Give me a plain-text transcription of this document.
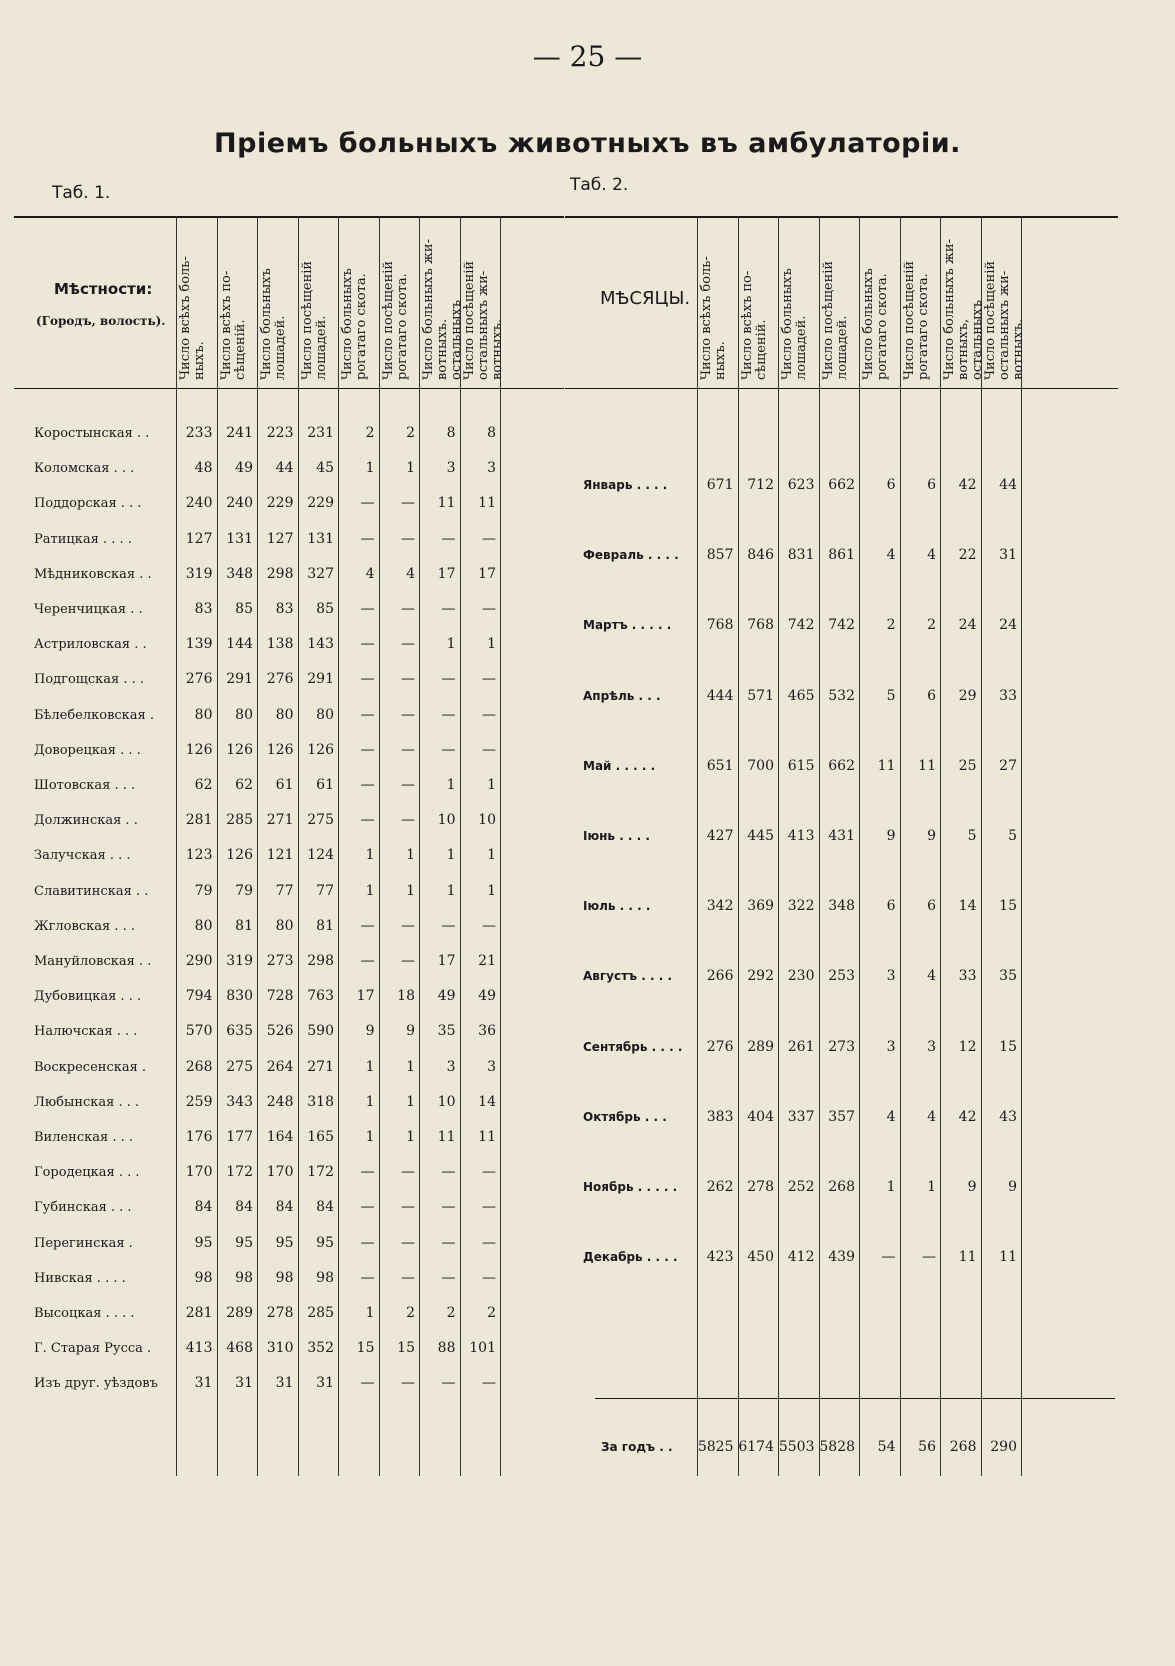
— 25 —
Пріемъ больныхъ животныхъ въ амбулаторіи.
Таб. 1.	Таб. 2.
Мѣстности:
(Городъ, волость).
Число всѣхъ боль-
ныхъ. Число всѣхъ по-
сѣщеній. Число больныхъ
лошадей. Число посѣщеній
лошадей. Число больныхъ
рогатаго скота.
Число посѣщеній
рогатаго скота.
Число больныхъ жи-
вотныхъ.
остальныхъ
Число посѣщеній
остальныхъ жи-
вотныхъ.
Коростынская . .	233 241 223 231	2	2	8	8
Коломская . . .	48	49	44	45	1	1	3	3
Поддорская . . .	240 240 229 229	—	—	11	11
Ратицкая . . . .	127 131 127 131	—	—	—	—
Мѣдниковская . .	319 348 298 327	4	4	17	17
Черенчицкая . .	83	85	83	85	—	—	—	—
Астриловская . .	139 144 138 143	—	—	1	1
Подгощская . . .	276 291 276 291	—	—	—	—
Бѣлебелковская .	80	80	80	80	—	—	—	—
Доворецкая . . .	126 126 126 126	—	—	—	—
Шотовская . . .	62	62	61	61	—	—	1	1
Должинская . .	281 285 271 275	—	—	10	10
Залучская . . .	123 126 121 124	1	1	1	1
Славитинская . .	79	79	77	77	1	1	1	1
Жгловская . . .	80	81	80	81	—	—	—	—
Мануйловская . .	290 319 273 298	—	—	17	21
Дубовицкая . . .	794 830 728 763	17	18	49	49
Налючская . . .	570 635 526 590	9	9	35	36
Воскресенская .	268 275 264 271	1	1	3	3
Любынская . . .	259 343 248 318	1	1	10	14
Виленская . . .	176 177 164 165	1	1	11	11
Городецкая . . .	170 172 170 172	—	—	—	—
Губинская . . .	84	84	84	84	—	—	—	—
Перегинская .	95	95	95	95	—	—	—	—
Нивская . . . .	98	98	98	98	—	—	—	—
Высоцкая . . . .	281 289 278 285	1	2	2	2
Г. Старая Русса .	413 468 310 352	15	15	88 101
Изъ друг. уѣздовъ	31	31	31	31	—	—	—	—
МѢСЯЦЫ.
Число всѣхъ боль-
ныхъ. Число всѣхъ по-
сѣщеній. Число больныхъ
лошадей. Число посѣщеній
лошадей. Число больныхъ
рогатаго скота.
Число посѣщеній
рогатаго скота.
Число больныхъ жи-
вотныхъ,
остальныхъ
Число посѣщеній
остальныхъ жи-
вотныхъ.
Январь . . . .	671 712 623 662	6	6	42	44
Февраль . . . .	857 846 831 861	4	4	22	31
Мартъ . . . . .	768 768 742 742	2	2	24	24
Апрѣль . . .	444 571 465 532	5	6	29	33
Май . . . . .	651 700 615 662	11	11	25	27
Іюнь . . . .	427 445 413 431	9	9	5	5
Іюль . . . .	342 369 322 348	6	6	14	15
Августъ . . . .	266 292 230 253	3	4	33	35
Сентябрь . . . .	276 289 261 273	3	3	12	15
Октябрь . . .	383 404 337 357	4	4	42	43
Ноябрь . . . . .	262 278 252 268	1	1	9	9
Декабрь . . . .	423 450 412 439	—	—	11	11
За годъ . . 5825 6174 5503 5828	54	56 268 290
